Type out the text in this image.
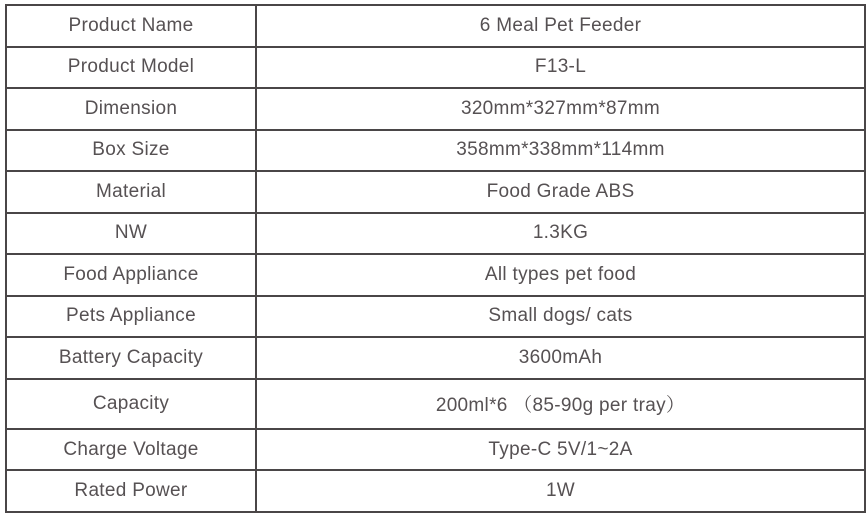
Product Name	6 Meal Pet Feeder
Product Model	F13-L
Dimension	320mm*327mm*87mm
Box Size	358mm*338mm*114mm
Material	Food Grade ABS
NW	1.3KG
Food Appliance	All types pet food
Pets Appliance	Small dogs/ cats
Battery Capacity	3600mAh
Capacity	200ml*6 （85-90g per tray）
Charge Voltage	Type-C 5V/1~2A
Rated Power	1W
